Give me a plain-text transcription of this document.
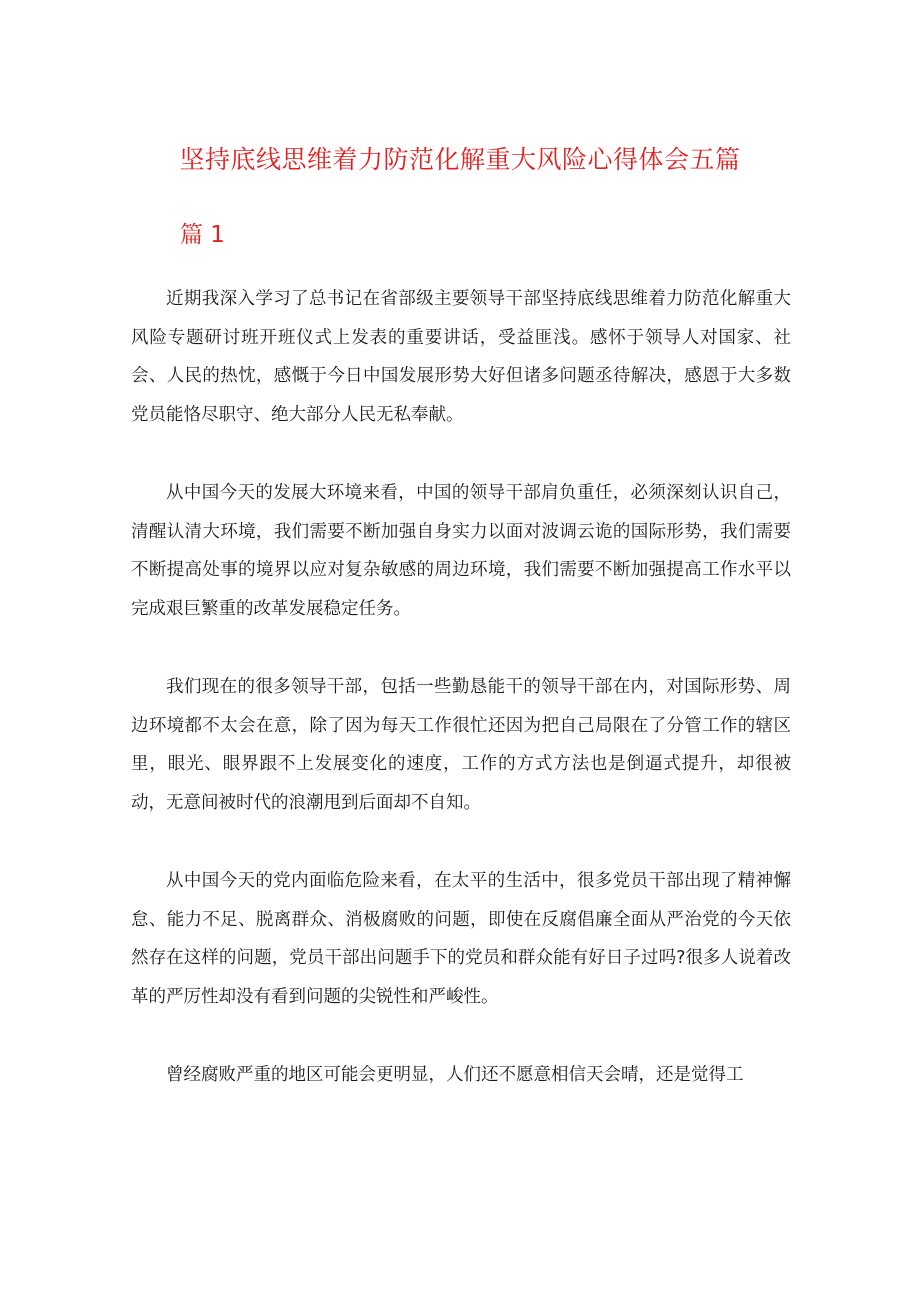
坚持底线思维着力防范化解重大风险心得体会五篇
篇 1

近期我深入学习了总书记在省部级主要领导干部坚持底线思维着力防范化解重大风险专题研讨班开班仪式上发表的重要讲话，受益匪浅。感怀于领导人对国家、社会、人民的热忱，感慨于今日中国发展形势大好但诸多问题丞待解决，感恩于大多数党员能恪尽职守、绝大部分人民无私奉献。

从中国今天的发展大环境来看，中国的领导干部肩负重任，必须深刻认识自己，清醒认清大环境，我们需要不断加强自身实力以面对波调云诡的国际形势，我们需要不断提高处事的境界以应对复杂敏感的周边环境，我们需要不断加强提高工作水平以完成艰巨繁重的改革发展稳定任务。

我们现在的很多领导干部，包括一些勤恳能干的领导干部在内，对国际形势、周边环境都不太会在意，除了因为每天工作很忙还因为把自己局限在了分管工作的辖区里，眼光、眼界跟不上发展变化的速度，工作的方式方法也是倒逼式提升，却很被动，无意间被时代的浪潮甩到后面却不自知。

从中国今天的党内面临危险来看，在太平的生活中，很多党员干部出现了精神懈怠、能力不足、脱离群众、消极腐败的问题，即使在反腐倡廉全面从严治党的今天依然存在这样的问题，党员干部出问题手下的党员和群众能有好日子过吗?很多人说着改革的严厉性却没有看到问题的尖锐性和严峻性。

曾经腐败严重的地区可能会更明显，人们还不愿意相信天会晴，还是觉得工
